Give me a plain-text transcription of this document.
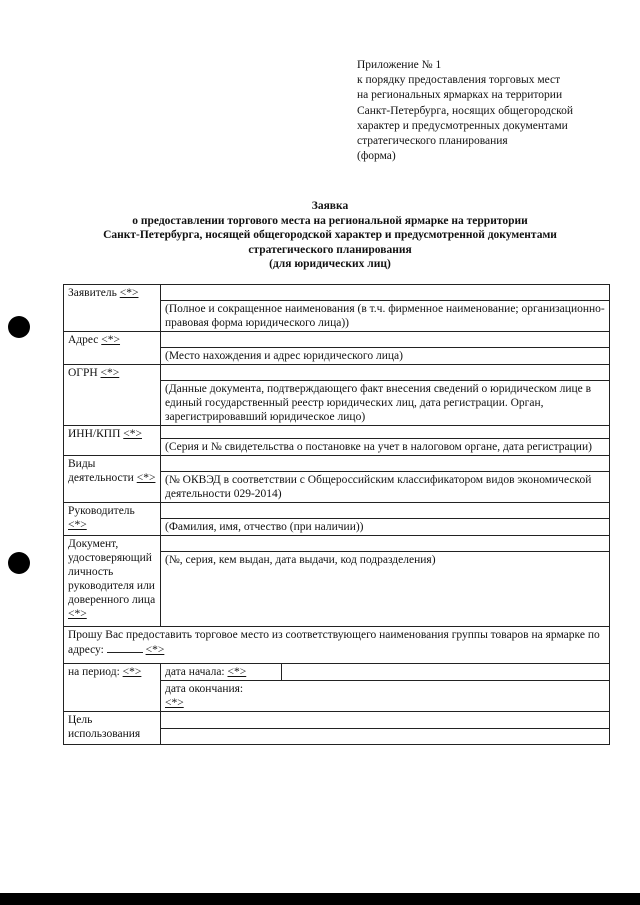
Приложение № 1
к порядку предоставления торговых мест
на региональных ярмарках на территории
Санкт-Петербурга, носящих общегородской
характер и предусмотренных документами
стратегического планирования
(форма)
Заявка
о предоставлении торгового места на региональной ярмарке на территории
Санкт-Петербурга, носящей общегородской характер и предусмотренной документами
стратегического планирования
(для юридических лиц)
Заявитель <*>		
	(Полное и сокращенное наименования (в т.ч. фирменное наименование; организационно-правовая форма юридического лица))	
Адрес <*>		
	(Место нахождения и адрес юридического лица)	
ОГРН <*>		
	(Данные документа, подтверждающего факт внесения сведений о юридическом лице в единый государственный реестр юридических лиц, дата регистрации. Орган, зарегистрировавший юридическое лицо)	
ИНН/КПП <*>		
	(Серия и № свидетельства о постановке на учет в налоговом органе, дата регистрации)	
Виды деятельности <*>		
	(№ ОКВЭД в соответствии с Общероссийским классификатором видов экономической деятельности 029-2014)	
Руководитель <*>		
	(Фамилия, имя, отчество (при наличии))	
Документ, удостоверяющий личность руководителя или доверенного лица <*>		
	(№, серия, кем выдан, дата выдачи, код подразделения)	
Прошу Вас предоставить торговое место из соответствующего наименования группы товаров на ярмарке по адресу: <*>		
на период: <*>	дата начала: <*>	
	дата окончания:
<*>	
Цель использования		
